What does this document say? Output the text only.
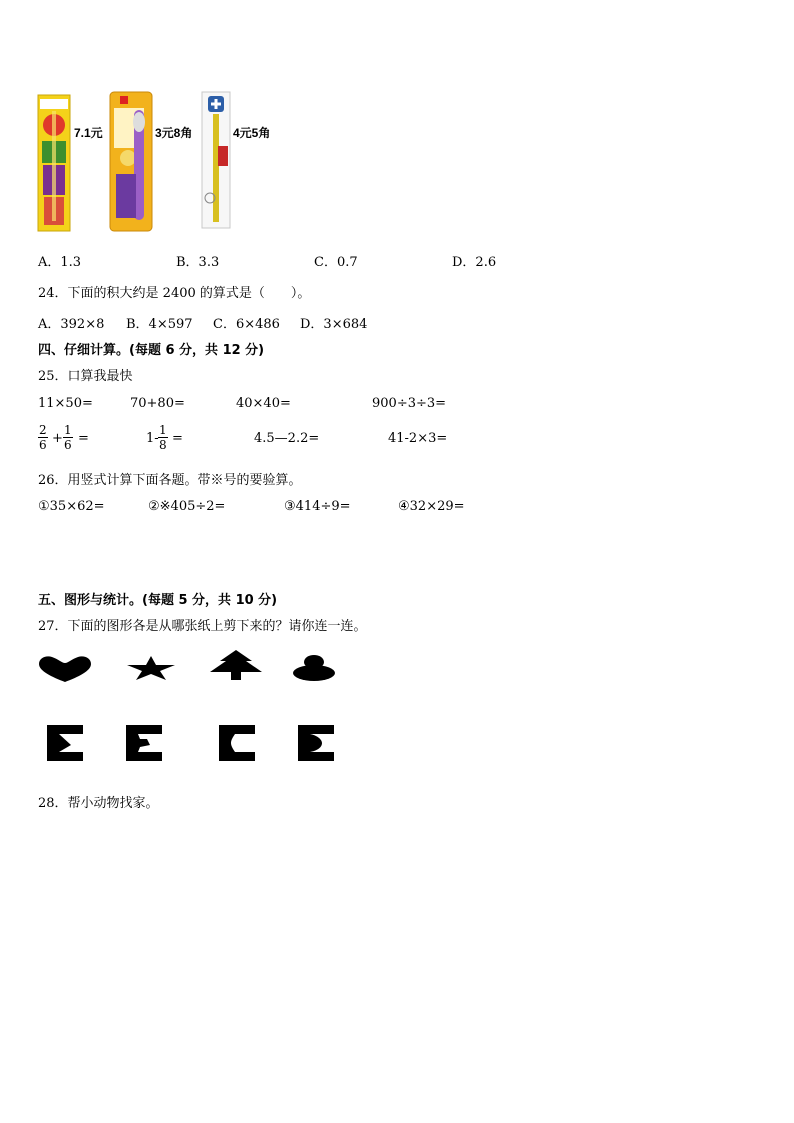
7.1元	3元8角	4元5角
A．1.3	B．3.3	C．0.7	D．2.6
24．下面的积大约是 2400 的算式是（　　）。
A．392×8 B．4×597 C．6×486 D．3×684
四、仔细计算。(每题 6 分，共 12 分)
25．口算我最快
11×50=	70+80=	40×40=	900÷3÷3=
$\frac{2}{6} + \frac{1}{6}$ =	$1- \frac{1}{8}$ =	4.5—2.2=	41-2×3=
26．用竖式计算下面各题。带※号的要验算。
①35×62=	②※405÷2=	③414÷9=	④32×29=
五、图形与统计。(每题 5 分，共 10 分)
27．下面的图形各是从哪张纸上剪下来的？请你连一连。
28．帮小动物找家。
